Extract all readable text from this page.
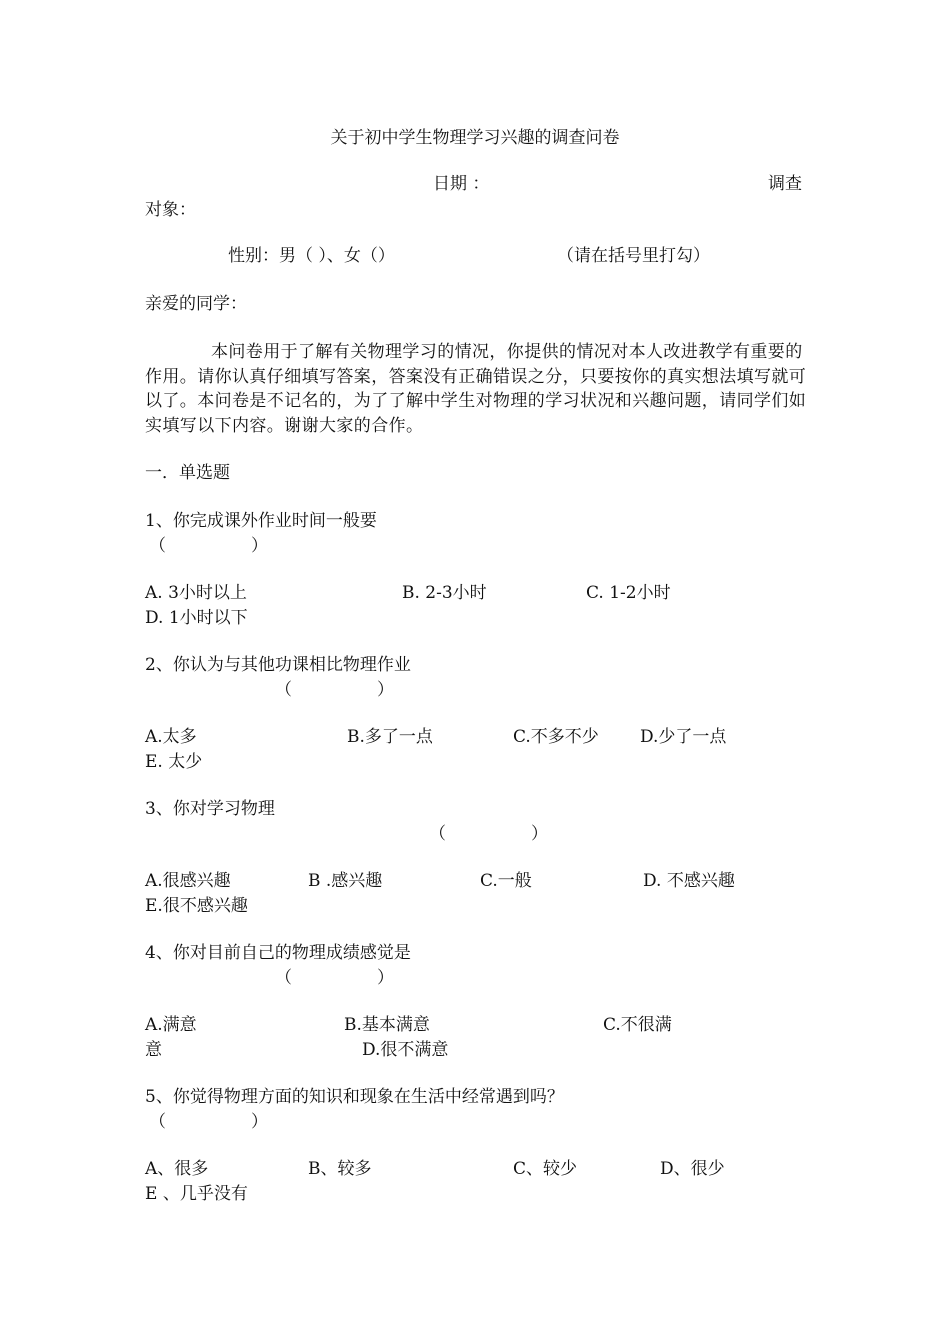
关于初中学生物理学习兴趣的调查问卷
日期 ：	调查
对象：
性别：男（ ）、女（）	（请在括号里打勾）
亲爱的同学：
本问卷用于了解有关物理学习的情况，你提供的情况对本人改进教学有重要的作用。请你认真仔细填写答案，答案没有正确错误之分，只要按你的真实想法填写就可以了。本问卷是不记名的，为了了解中学生对物理的学习状况和兴趣问题，请同学们如实填写以下内容。谢谢大家的合作。
一．单选题
1、你完成课外作业时间一般要
（　　　　　）
A. 3小时以上	B. 2-3小时	C. 1-2小时
D. 1小时以下
2、你认为与其他功课相比物理作业
（　　　　　）
A.太多	B.多了一点	C.不多不少 D.少了一点
E. 太少
3、你对学习物理
（　　　　　）
A.很感兴趣	B .感兴趣	C.一般	D. 不感兴趣
E.很不感兴趣
4、你对目前自己的物理成绩感觉是
（　　　　　）
A.满意	B.基本满意	C.不很满
意	D.很不满意
5、你觉得物理方面的知识和现象在生活中经常遇到吗？
（　　　　　）
A、很多	B、较多	C、较少	D、很少
E 、几乎没有
